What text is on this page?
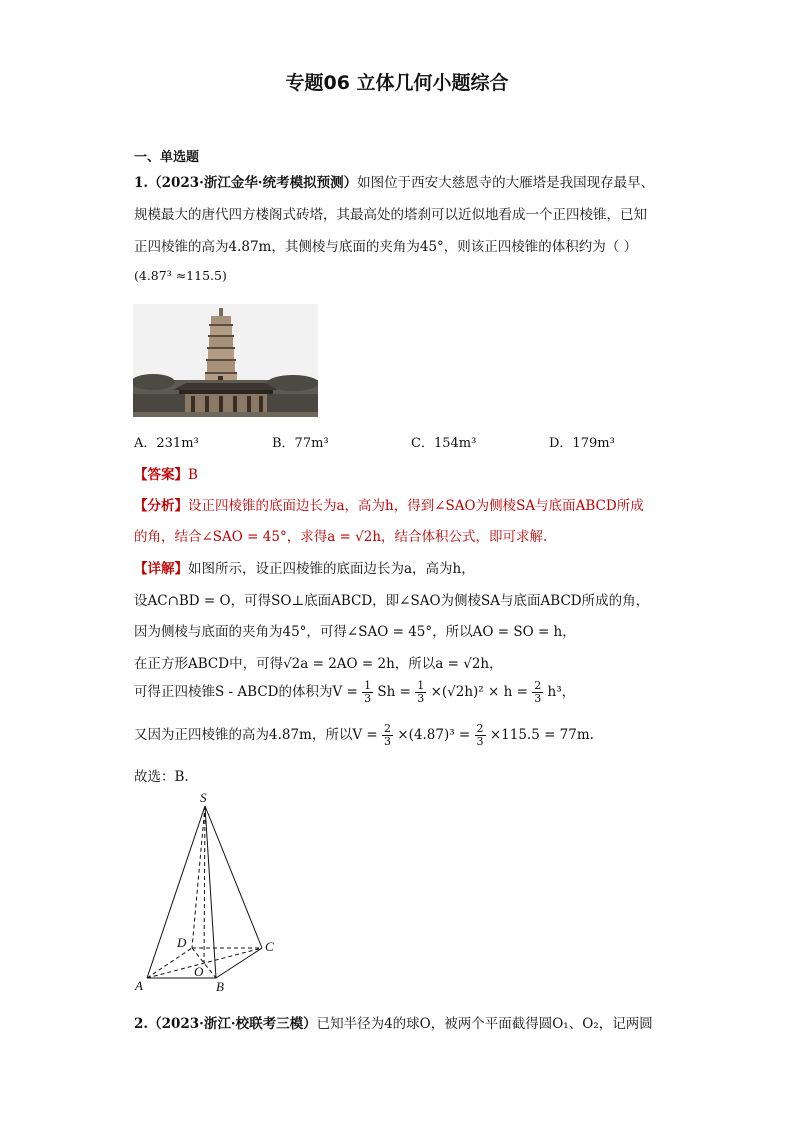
专题06 立体几何小题综合
一、单选题
1.（2023·浙江金华·统考模拟预测）如图位于西安大慈恩寺的大雁塔是我国现存最早、
规模最大的唐代四方楼阁式砖塔，其最高处的塔刹可以近似地看成一个正四棱锥，已知
正四棱锥的高为4.87m，其侧棱与底面的夹角为45°，则该正四棱锥的体积约为（ ）
(4.87³ ≈115.5)
A．231m³	B．77m³	C．154m³	D．179m³
【答案】B
【分析】设正四棱锥的底面边长为a，高为h，得到∠SAO为侧棱SA与底面ABCD所成
的角，结合∠SAO = 45°，求得a = √2h，结合体积公式，即可求解.
【详解】如图所示，设正四棱锥的底面边长为a，高为h，
设AC∩BD = O，可得SO⊥底面ABCD，即∠SAO为侧棱SA与底面ABCD所成的角，
因为侧棱与底面的夹角为45°，可得∠SAO = 45°，所以AO = SO = h，
在正方形ABCD中，可得√2a = 2AO = 2h，所以a = √2h，
可得正四棱锥S - ABCD的体积为$V = \frac{1}{3}$ $Sh = \frac{1}{3} \times(√2h)^2 \times h = \frac{2}{3} h^3$，
又因为正四棱锥的高为4.87m，所以$V = \frac{2}{3} \times(4.87)^3 = \frac{2}{3} \times 115.5 = 77m$.
故选：B.
S
A	B
C
D
O
2.（2023·浙江·校联考三模）已知半径为4的球O，被两个平面截得圆O₁、O₂，记两圆
